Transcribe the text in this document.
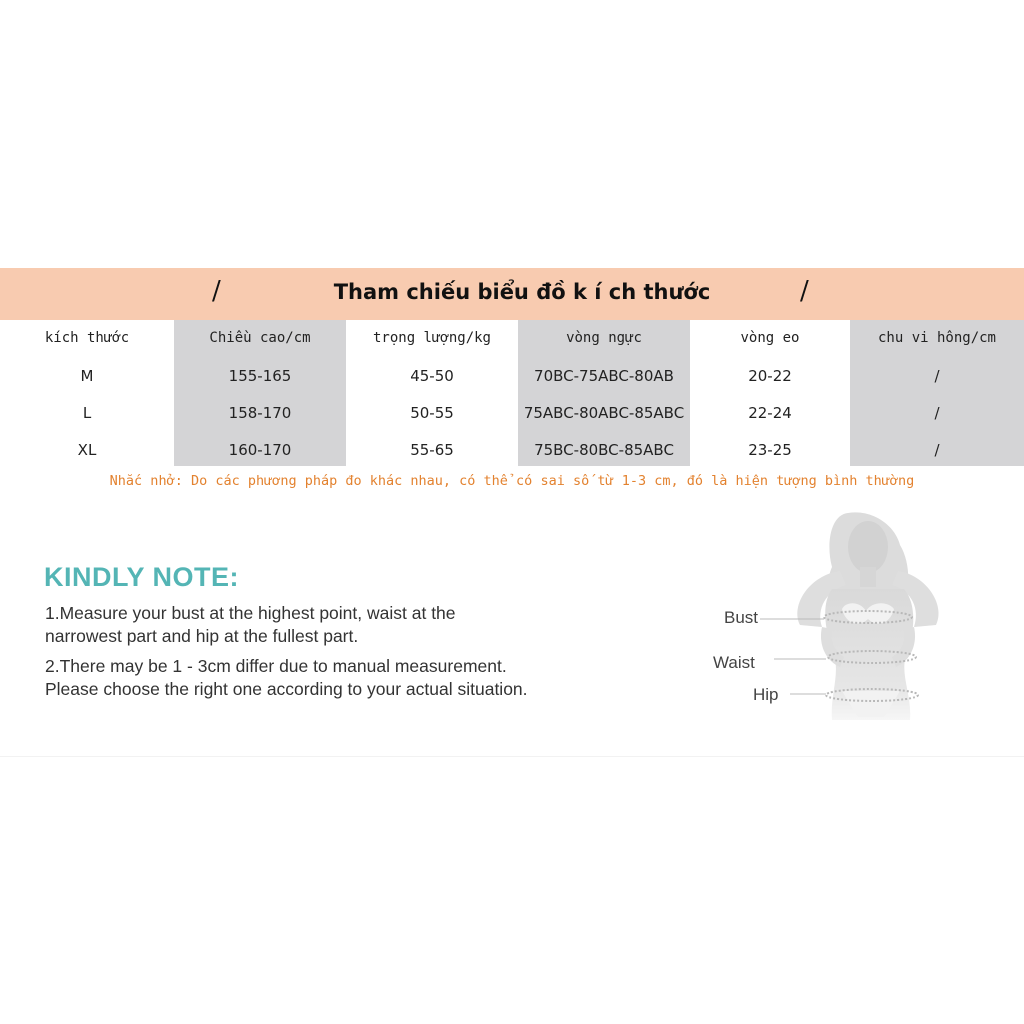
/	Tham chiếu biểu đồ k í ch thước	/
kích thước
M
L
XL
Chiều cao/cm
155-165
158-170
160-170
trọng lượng/kg
45-50
50-55
55-65
vòng ngực
70BC-75ABC-80AB
75ABC-80ABC-85ABC
75BC-80BC-85ABC
vòng eo
20-22
22-24
23-25
chu vi hông/cm
/
/
/
Nhắc nhở: Do các phương pháp đo khác nhau, có thể có sai số từ 1-3 cm, đó là hiện tượng bình thường
KINDLY NOTE:
1.Measure your bust at the highest point, waist at the
narrowest part and hip at the fullest part.
2.There may be 1 - 3cm differ due to manual measurement.
Please choose the right one according to your actual situation.
Bust
Waist
Hip
